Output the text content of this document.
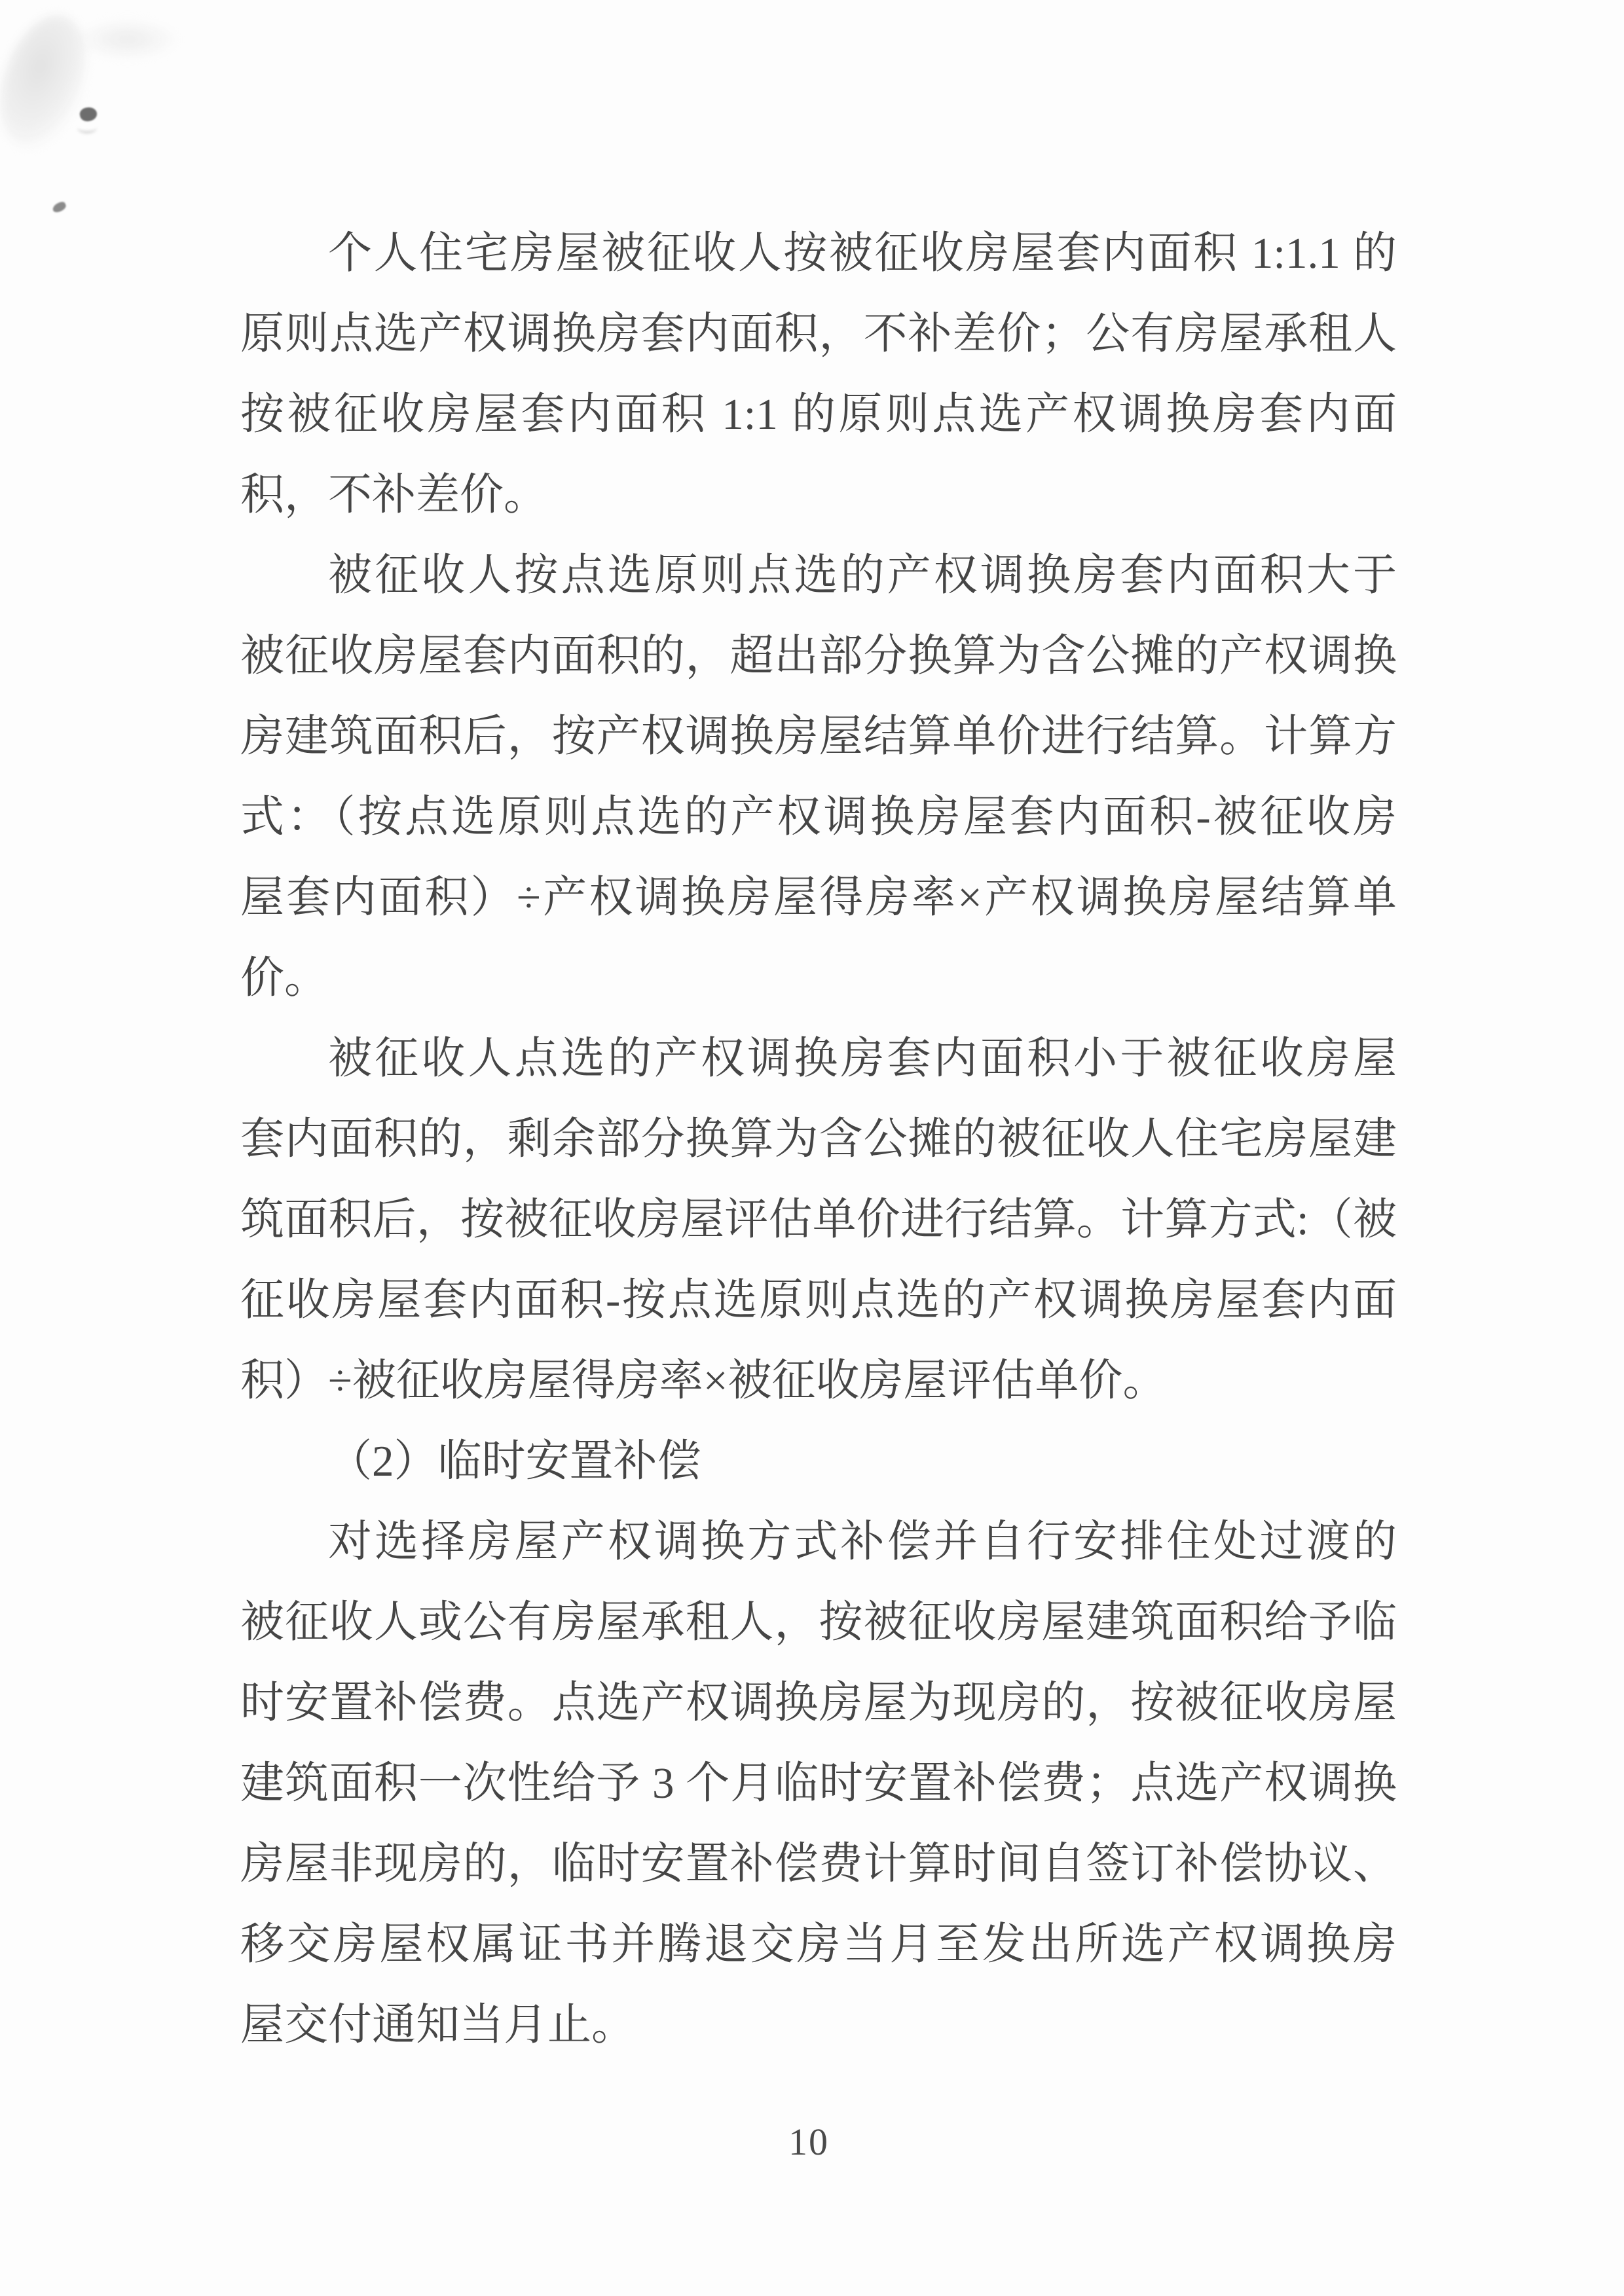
个人住宅房屋被征收人按被征收房屋套内面积 1:1.1 的
原则点选产权调换房套内面积，不补差价；公有房屋承租人
按被征收房屋套内面积 1:1 的原则点选产权调换房套内面
积，不补差价。
被征收人按点选原则点选的产权调换房套内面积大于
被征收房屋套内面积的，超出部分换算为含公摊的产权调换
房建筑面积后，按产权调换房屋结算单价进行结算。计算方
式：（按点选原则点选的产权调换房屋套内面积-被征收房
屋套内面积）÷产权调换房屋得房率×产权调换房屋结算单
价。
被征收人点选的产权调换房套内面积小于被征收房屋
套内面积的，剩余部分换算为含公摊的被征收人住宅房屋建
筑面积后，按被征收房屋评估单价进行结算。计算方式:（被
征收房屋套内面积-按点选原则点选的产权调换房屋套内面
积）÷被征收房屋得房率×被征收房屋评估单价。
（2）临时安置补偿
对选择房屋产权调换方式补偿并自行安排住处过渡的
被征收人或公有房屋承租人，按被征收房屋建筑面积给予临
时安置补偿费。点选产权调换房屋为现房的，按被征收房屋
建筑面积一次性给予 3 个月临时安置补偿费；点选产权调换
房屋非现房的，临时安置补偿费计算时间自签订补偿协议、
移交房屋权属证书并腾退交房当月至发出所选产权调换房
屋交付通知当月止。
10
